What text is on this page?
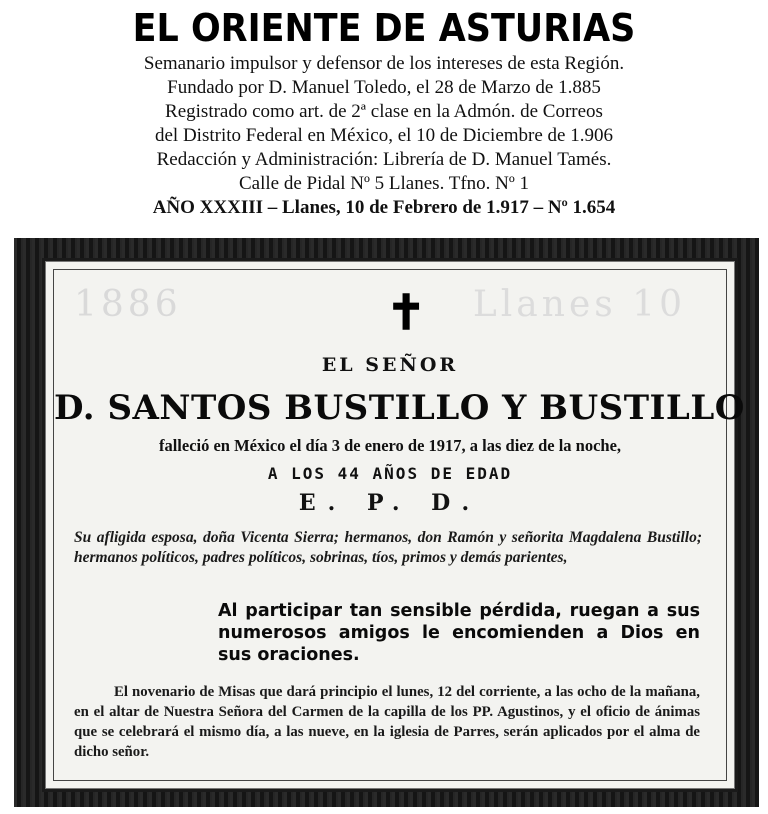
EL ORIENTE DE ASTURIAS
Semanario impulsor y defensor de los intereses de esta Región.
Fundado por D. Manuel Toledo, el 28 de Marzo de 1.885
Registrado como art. de 2ª clase en la Admón. de Correos
del Distrito Federal en México, el 10 de Diciembre de 1.906
Redacción y Administración: Librería de D. Manuel Tamés.
Calle de Pidal Nº 5 Llanes. Tfno. Nº 1
AÑO XXXIII – Llanes, 10 de Febrero de 1.917 – Nº 1.654
1886	Llanes 10
✝
EL SEÑOR
D. SANTOS BUSTILLO Y BUSTILLO
falleció en México el día 3 de enero de 1917, a las diez de la noche,
A LOS 44 AÑOS DE EDAD
E. P. D.
Su afligida esposa, doña Vicenta Sierra; hermanos, don Ramón y señorita Magdalena Bustillo; hermanos políticos, padres políticos, sobrinas, tíos, primos y demás parientes,
Al participar tan sensible pérdida, ruegan a sus numerosos amigos le encomienden a Dios en sus oraciones.
El novenario de Misas que dará principio el lunes, 12 del corriente, a las ocho de la mañana, en el altar de Nuestra Señora del Carmen de la capilla de los PP. Agustinos, y el oficio de ánimas que se celebrará el mismo día, a las nueve, en la iglesia de Parres, serán aplicados por el alma de dicho señor.
